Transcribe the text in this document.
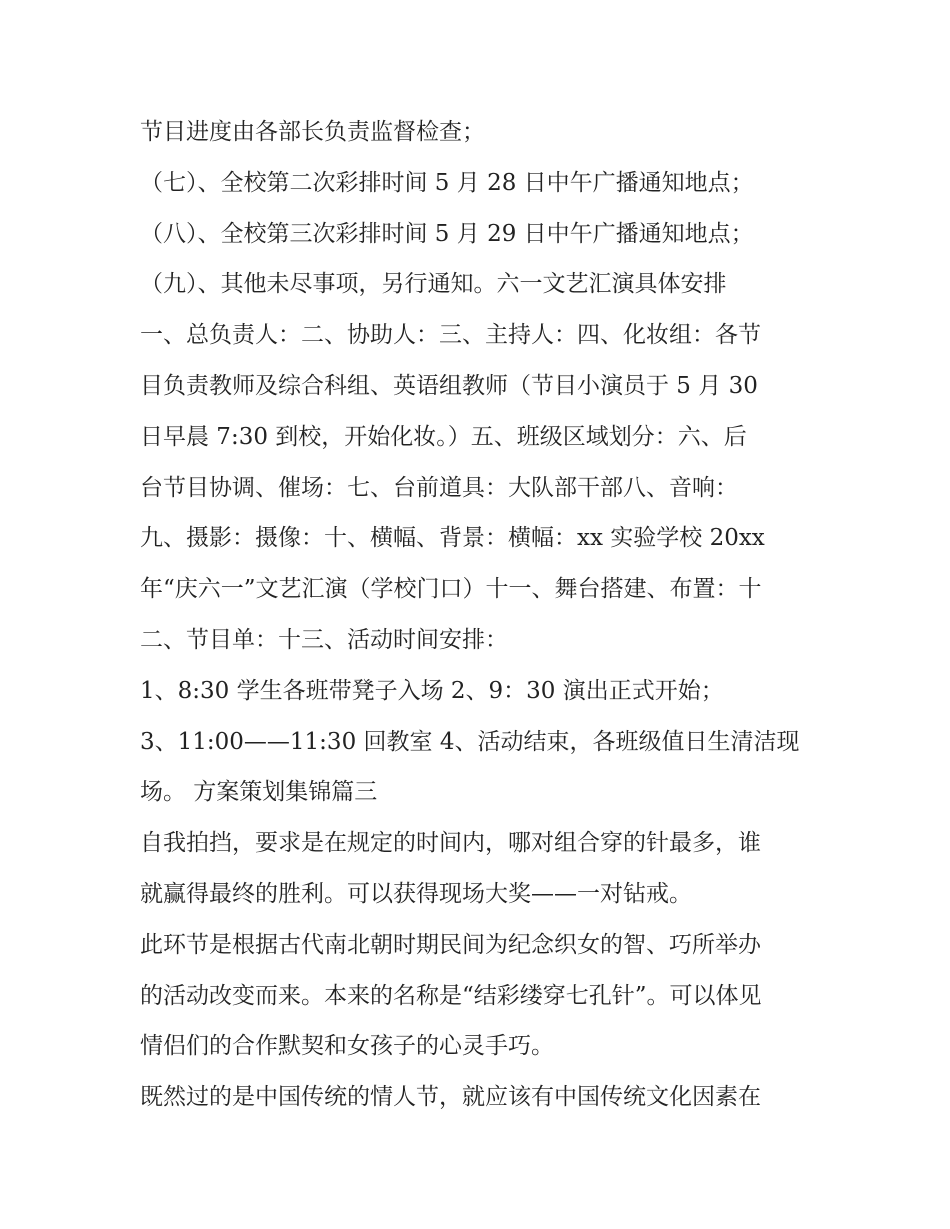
节目进度由各部长负责监督检查；
（七）、全校第二次彩排时间 5 月 28 日中午广播通知地点；
（八）、全校第三次彩排时间 5 月 29 日中午广播通知地点；
（九）、其他未尽事项，另行通知。六一文艺汇演具体安排
一、总负责人：二、协助人：三、主持人：四、化妆组：各节
目负责教师及综合科组、英语组教师（节目小演员于 5 月 30
日早晨 7:30 到校，开始化妆。）五、班级区域划分：六、后
台节目协调、催场：七、台前道具：大队部干部八、音响：
九、摄影：摄像：十、横幅、背景：横幅：xx 实验学校 20xx
年“庆六一”文艺汇演（学校门口）十一、舞台搭建、布置：十
二、节目单：十三、活动时间安排：
1、8:30 学生各班带凳子入场 2、9：30 演出正式开始；
3、11:00——11:30 回教室 4、活动结束，各班级值日生清洁现
场。 方案策划集锦篇三
自我拍挡，要求是在规定的时间内，哪对组合穿的针最多，谁
就赢得最终的胜利。可以获得现场大奖——一对钻戒。
此环节是根据古代南北朝时期民间为纪念织女的智、巧所举办
的活动改变而来。本来的名称是“结彩缕穿七孔针”。可以体见
情侣们的合作默契和女孩子的心灵手巧。
既然过的是中国传统的情人节，就应该有中国传统文化因素在
